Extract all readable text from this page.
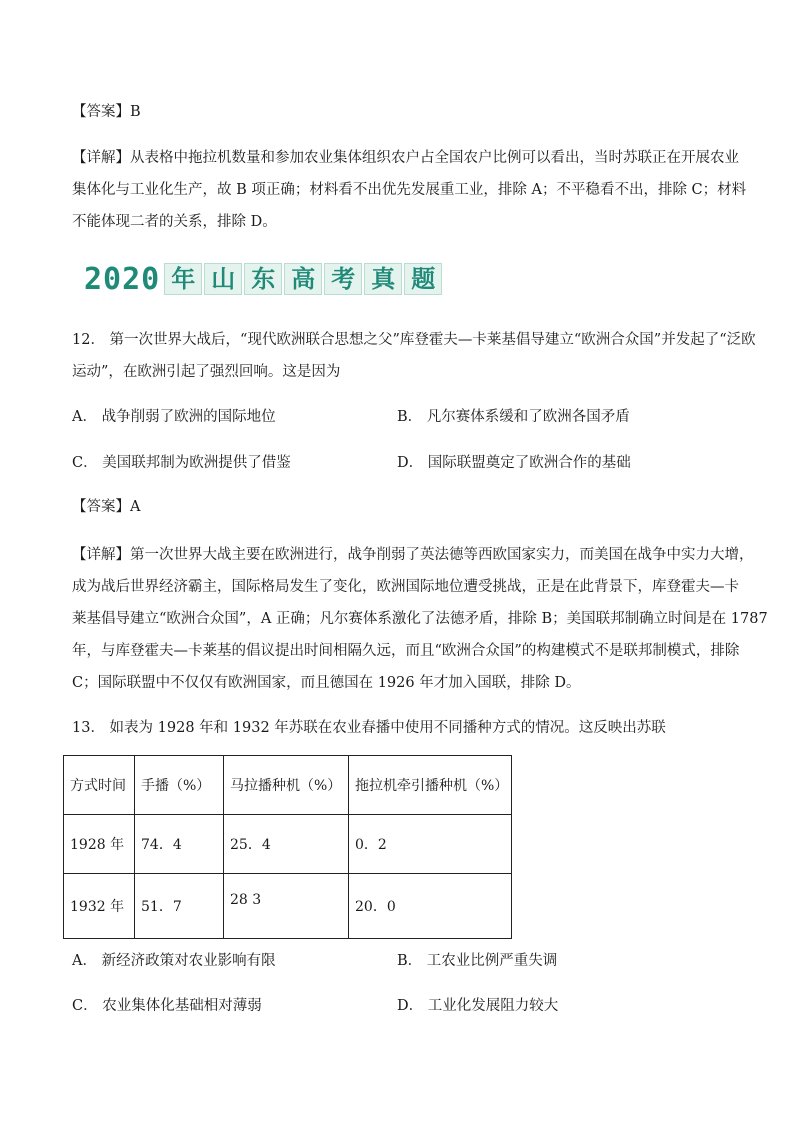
【答案】B
【详解】从表格中拖拉机数量和参加农业集体组织农户占全国农户比例可以看出，当时苏联正在开展农业
集体化与工业化生产，故 B 项正确；材料看不出优先发展重工业，排除 A；不平稳看不出，排除 C；材料
不能体现二者的关系，排除 D。
2020 年 山 东 高 考 真 题
12． 第一次世界大战后，“现代欧洲联合思想之父”库登霍夫—卡莱基倡导建立“欧洲合众国”并发起了“泛欧
运动”，在欧洲引起了强烈回响。这是因为
A． 战争削弱了欧洲的国际地位	B． 凡尔赛体系缓和了欧洲各国矛盾
C． 美国联邦制为欧洲提供了借鉴	D． 国际联盟奠定了欧洲合作的基础
【答案】A
【详解】第一次世界大战主要在欧洲进行，战争削弱了英法德等西欧国家实力，而美国在战争中实力大增，
成为战后世界经济霸主，国际格局发生了变化，欧洲国际地位遭受挑战，正是在此背景下，库登霍夫—卡
莱基倡导建立“欧洲合众国”，A 正确；凡尔赛体系激化了法德矛盾，排除 B；美国联邦制确立时间是在 1787
年，与库登霍夫—卡莱基的倡议提出时间相隔久远，而且“欧洲合众国”的构建模式不是联邦制模式，排除
C；国际联盟中不仅仅有欧洲国家，而且德国在 1926 年才加入国联，排除 D。
13． 如表为 1928 年和 1932 年苏联在农业春播中使用不同播种方式的情况。这反映出苏联
方式时间	手播（%）	马拉播种机（%）	拖拉机牵引播种机（%）
1928 年	74．4	25．4	0．2
1932 年	51．7	28 3	20．0
A． 新经济政策对农业影响有限	B． 工农业比例严重失调
C． 农业集体化基础相对薄弱	D． 工业化发展阻力较大
